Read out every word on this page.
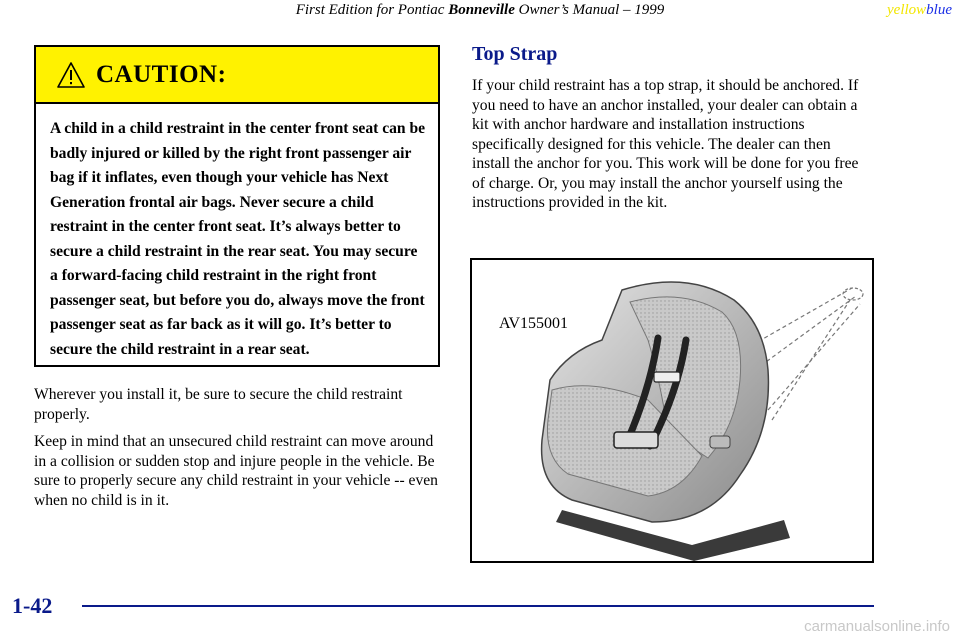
First Edition for Pontiac Bonneville Owner’s Manual – 1999	yellowblue
CAUTION:
A child in a child restraint in the center front seat can be badly injured or killed by the right front passenger air bag if it inflates, even though your vehicle has Next Generation frontal air bags. Never secure a child restraint in the center front seat. It’s always better to secure a child restraint in the rear seat. You may secure a forward-facing child restraint in the right front passenger seat, but before you do, always move the front passenger seat as far back as it will go. It’s better to secure the child restraint in a rear seat.

Wherever you install it, be sure to secure the child restraint properly.

Keep in mind that an unsecured child restraint can move around in a collision or sudden stop and injure people in the vehicle. Be sure to properly secure any child restraint in your vehicle -- even when no child is in it.

Top Strap

If your child restraint has a top strap, it should be anchored. If you need to have an anchor installed, your dealer can obtain a kit with anchor hardware and installation instructions specifically designed for this vehicle. The dealer can then install the anchor for you. This work will be done for you free of charge. Or, you may install the anchor yourself using the instructions provided in the kit.

AV155001
1-42
carmanualsonline.info
